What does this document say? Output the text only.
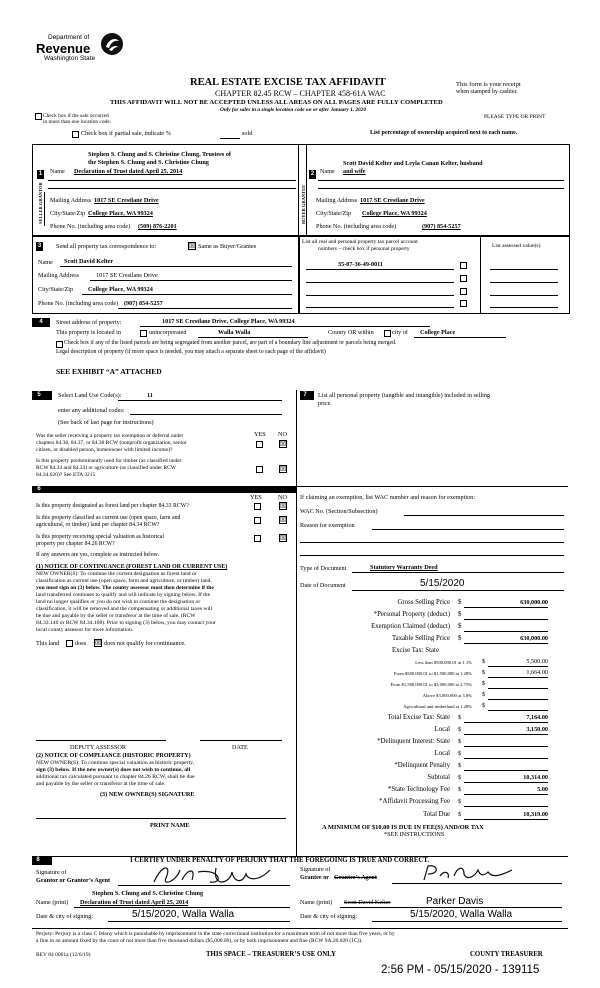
Department of
Revenue
Washington State
REAL ESTATE EXCISE TAX AFFIDAVIT
CHAPTER 82.45 RCW – CHAPTER 458-61A WAC
THIS AFFIDAVIT WILL NOT BE ACCEPTED UNLESS ALL AREAS ON ALL PAGES ARE FULLY COMPLETED
Only for sales in a single location code on or after January 1, 2020
This form is your receipt
when stamped by cashier.
PLEASE TYPE OR PRINT
Check box if the sale occurred
in more than one location code.
Check box if partial sale, indicate %	sold	List percentage of ownership acquired next to each name.
SELLER GRANTOR
1
Stephen S. Chung and S. Christine Chung, Trustees of
the Stephen S. Chung and S. Christine Chung
Name Declaration of Trust dated April 25, 2014
Mailing Address 1017 SE Crestlane Drive
City/State/Zip College Place, WA 99324
Phone No. (including area code) (509) 876-2201
BUYER GRANTEE
2
Scott David Kelter and Leyla Canan Kelter, husband
Name and wife
Mailing Address 1017 SE Crestlane Drive
City/State/Zip College Place, WA 99324
Phone No. (including area code)	(907) 854-5257
3 Send all property tax correspondence to:	☒ Same as Buyer/Grantee
Name Scott David Kelter
Mailing Address	1017 SE Crestlane Drive
City/State/Zip College Place, WA 99324
Phone No. (including area code) (907) 854-5257
List all real and personal property tax parcel account
numbers – check box if personal property	List assessed value(s)
35-07-36-49-0011
4	Street address of property:	1017 SE Crestlane Drive, College Place, WA 99324
This property is located in	unincorporated	Walla Walla	County OR within	city of College Place
Check box if any of the listed parcels are being segregated from another parcel, are part of a boundary line adjustment or parcels being merged.
Legal description of property (if more space is needed, you may attach a separate sheet to each page of the affidavit)
SEE EXHIBIT “A” ATTACHED
5	Select Land Use Code(s):	11
enter any additional codes:
(See back of last page for instructions)
YES NO
Was the seller receiving a property tax exemption or deferral under
chapters 84.36, 84.37, or 84.38 RCW (nonprofit organization, senior
citizen, or disabled person, homeowner with limited income)?
☒
Is this property predominantly used for timber (as classified under
RCW 84.34 and 84.33) or agriculture (as classified under RCW
84.34.020)? See ETA 3215
☒
7	List all personal property (tangible and intangible) included in selling
price.
6
YES	NO
Is this property designated as forest land per chapter 84.33 RCW?	☒
Is this property classified as current use (open space, farm and
agricultural, or timber) land per chapter 84.34 RCW?
☒
Is this property receiving special valuation as historical
property per chapter 84.26 RCW?
☒
If any answers are yes, complete as instructed below.
(1) NOTICE OF CONTINUANCE (FOREST LAND OR CURRENT USE)
NEW OWNER(S): To continue the current designation as forest land or
classification as current use (open space, farm and agriculture, or timber) land,
you must sign on (3) below. The county assessor must then determine if the
land transferred continues to qualify and will indicate by signing below. If the
land no longer qualifies or you do not wish to continue the designation or
classification, it will be removed and the compensating or additional taxes will
be due and payable by the seller or transferor at the time of sale. (RCW
84.33.140 or RCW 84.34.108). Prior to signing (3) below, you may contact your
local county assessor for more information.
This land	does ☒ does not qualify for continuance.
DEPUTY ASSESSOR	DATE
(2) NOTICE OF COMPLIANCE (HISTORIC PROPERTY)
NEW OWNER(S): To continue special valuation as historic property,
sign (3) below. If the new owner(s) does not wish to continue, all
additional tax calculated pursuant to chapter 84.26 RCW, shall be due
and payable by the seller or transferor at the time of sale.
(3) NEW OWNER(S) SIGNATURE
PRINT NAME
If claiming an exemption, list WAC number and reason for exemption:
WAC No. (Section/Subsection)
Reason for exemption
Type of Document	Statutory Warranty Deed
Date of Document	5/15/2020
Gross Selling Price $	630,000.00
*Personal Property (deduct) $
Exemption Claimed (deduct) $
Taxable Selling Price $	630,000.00
Excise Tax: State
Less than $500,000.01 at 1.1% $	5,500.00
From $500,000.01 to $1,500,000 at 1.28% $	1,664.00
From $1,500,000.01 to $3,000,000 at 2.75% $
Above $3,000,000 at 3.0% $
Agricultural and timberland at 1.28% $
Total Excise Tax: State $	7,164.00
Local $	3,150.00
*Delinquent Interest: State $
Local $
*Delinquent Penalty $
Subtotal $	10,314.00
*State Technology Fee $	5.00
*Affidavit Processing Fee $
Total Due $	10,319.00
A MINIMUM OF $10.00 IS DUE IN FEE(S) AND/OR TAX
*SEE INSTRUCTIONS
8	I CERTIFY UNDER PENALTY OF PERJURY THAT THE FOREGOING IS TRUE AND CORRECT.
Signature of
Grantor or Grantor’s Agent
Signature of
Grantee or Grantee’s Agent
Stephen S. Chung and S. Christine Chung
Name (print) Declaration of Trust dated April 25, 2014	Name (print) Scott David Kelter	Parker Davis
Date & city of signing:	5/15/2020, Walla Walla	Date & city of signing:	5/15/2020, Walla Walla
Perjury: Perjury is a class C felony which is punishable by imprisonment in the state correctional institution for a maximum term of not more than five years, or by
a fine in an amount fixed by the court of not more than five thousand dollars ($5,000.00), or by both imprisonment and fine (RCW 9A.20.020 (1C)).
REV 84 0001a (12/6/19)	THIS SPACE – TREASURER’S USE ONLY	COUNTY TREASURER
2:56 PM - 05/15/2020 - 139115
